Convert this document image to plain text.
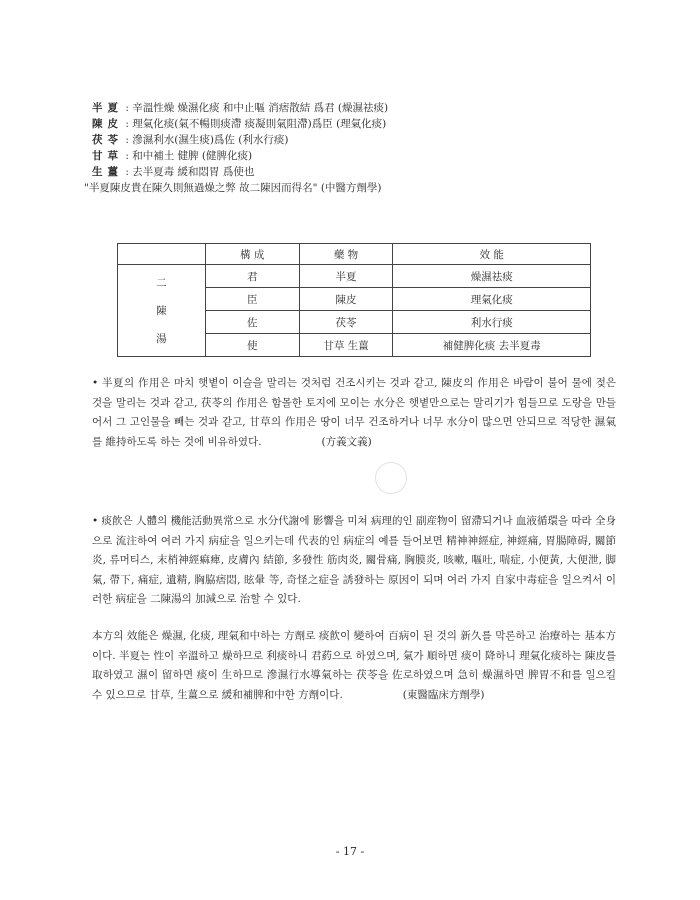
半夏 : 辛溫性燥 燥濕化痰 和中止嘔 消痞散結 爲君 (燥濕祛痰)
陳皮 : 理氣化痰(氣不暢則痰滯 痰凝則氣阻滯)爲臣 (理氣化痰)
茯苓 : 滲濕利水(濕生痰)爲佐 (利水行痰)
甘草 : 和中補土 健脾 (健脾化痰)
生薑 : 去半夏毒 緩和悶胃 爲使也
"半夏陳皮貴在陳久則無過燥之弊 故二陳因而得名" (中醫方劑學)
	構 成	藥 物	效 能

二
陳
湯	君	半夏	燥濕祛痰
	臣	陳皮	理氣化痰
	佐	茯苓	利水行痰
	使	甘草 生薑	補健脾化痰 去半夏毒
• 半夏의 作用은 마치 햇볕이 이슬을 말리는 것처럼 건조시키는 것과 같고, 陳皮의 作用은 바람이 불어 물에 젖은 것을 말리는 것과 같고, 茯苓의 作用은 함몰한 토지에 모이는 水分은 햇볕만으로는 말리기가 힘들므로 도랑을 만들어서 그 고인물을 빼는 것과 같고, 甘草의 作用은 땅이 너무 건조하거나 너무 水分이 많으면 안되므로 적당한 濕氣를 維持하도록 하는 것에 비유하였다.	(方義文義)
• 痰飮은 人體의 機能活動異常으로 水分代謝에 影響을 미쳐 病理的인 副産物이 留滯되거나 血液循環을 따라 全身으로 流注하여 여러 가지 病症을 일으키는데 代表的인 病症의 예를 들어보면 精神神經症, 神經痛, 胃腸障碍, 關節炎, 류머티스, 末梢神經痲痺, 皮膚內 結節, 多發性 筋肉炎, 關骨痛, 胸膜炎, 咳嗽, 嘔吐, 喘症, 小便黃, 大便泄, 脚氣, 帶下, 痛症, 遺精, 胸脇痞悶, 眩暈 等, 奇怪之症을 誘發하는 原因이 되며 여러 가지 自家中毒症을 일으켜서 이러한 病症을 二陳湯의 加減으로 治할 수 있다.
本方의 效能은 燥濕, 化痰, 理氣和中하는 方劑로 痰飮이 變하여 百病이 된 것의 新久를 막론하고 治療하는 基本方이다. 半夏는 性이 辛溫하고 燥하므로 利痰하니 君葯으로 하였으며, 氣가 順하면 痰이 降하니 理氣化痰하는 陳皮를 取하였고 濕이 留하면 痰이 生하므로 滲濕行水導氣하는 茯苓을 佐로하였으며 急히 燥濕하면 脾胃不和를 일으킬 수 있으므로 甘草, 生薑으로 緩和補脾和中한 方劑이다.	(東醫臨床方劑學)
- 17 -
